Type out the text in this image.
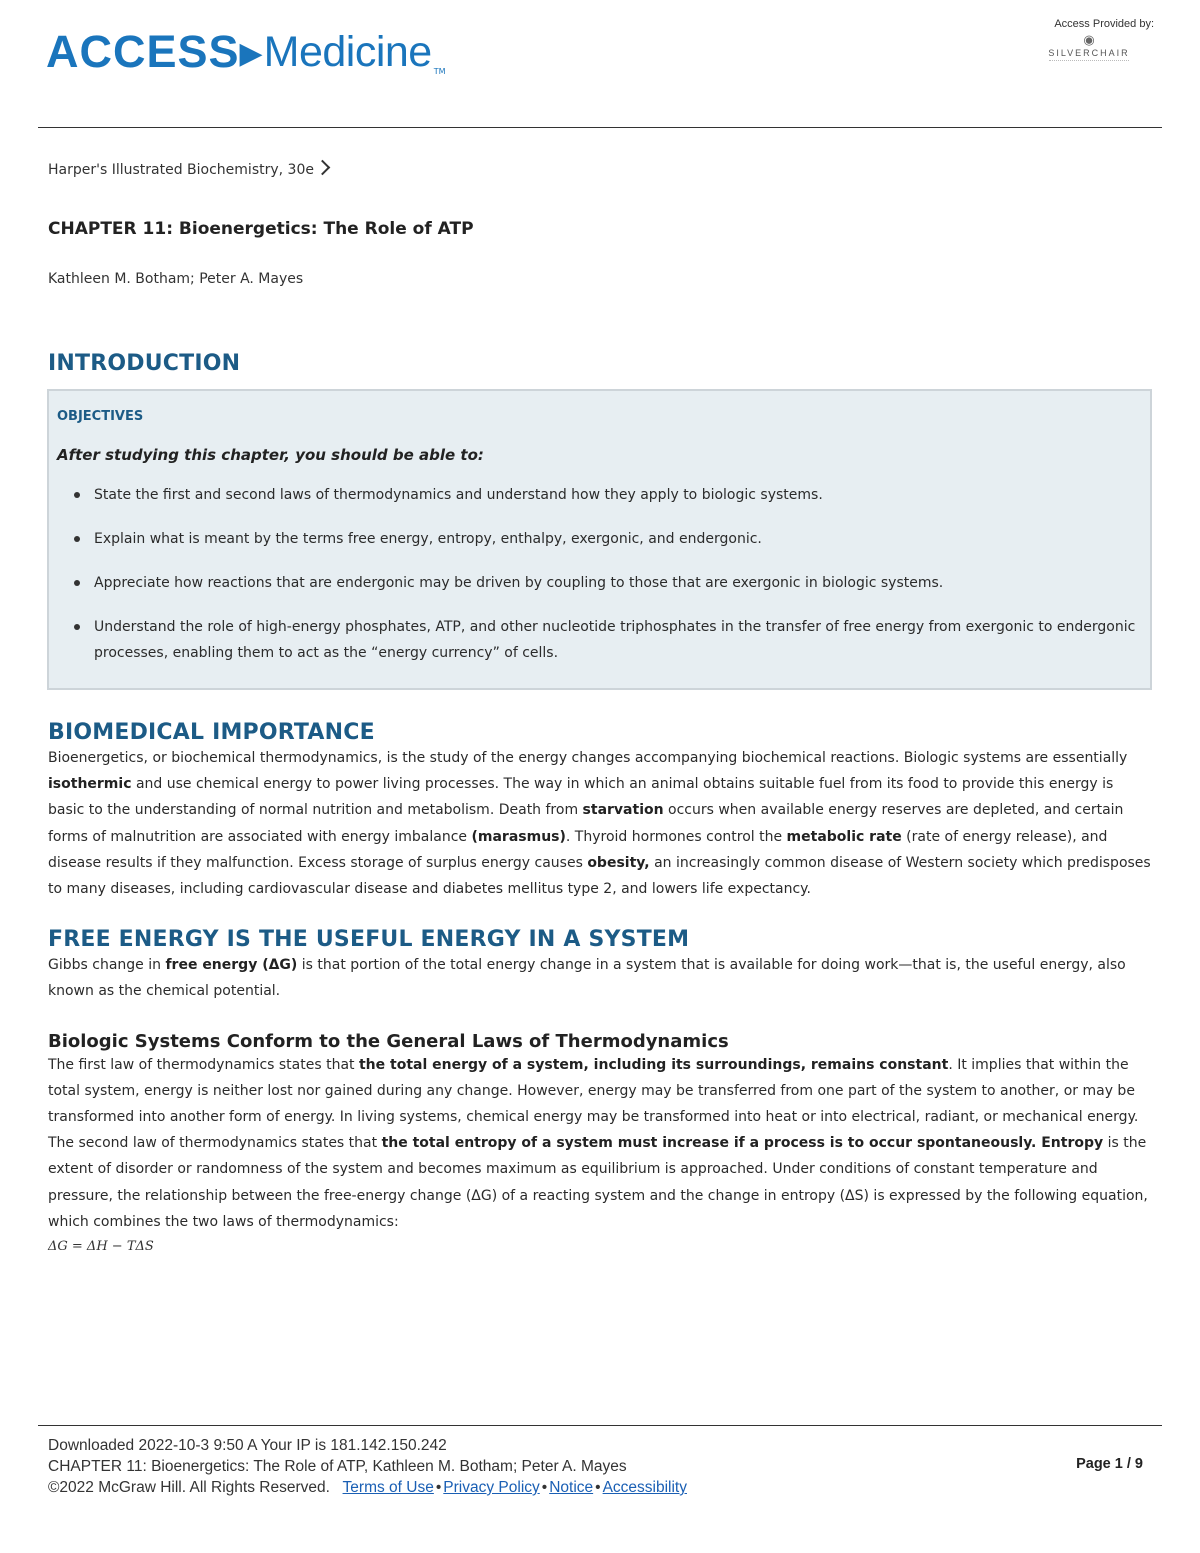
ACCESS ▶ Medicine TM
Access Provided by:
◉
SILVERCHAIR
Harper's Illustrated Biochemistry, 30e
CHAPTER 11: Bioenergetics: The Role of ATP
Kathleen M. Botham; Peter A. Mayes
INTRODUCTION
OBJECTIVES
After studying this chapter, you should be able to:
State the first and second laws of thermodynamics and understand how they apply to biologic systems.
Explain what is meant by the terms free energy, entropy, enthalpy, exergonic, and endergonic.
Appreciate how reactions that are endergonic may be driven by coupling to those that are exergonic in biologic systems.
Understand the role of high-energy phosphates, ATP, and other nucleotide triphosphates in the transfer of free energy from exergonic to endergonic processes, enabling them to act as the “energy currency” of cells.
BIOMEDICAL IMPORTANCE

Bioenergetics, or biochemical thermodynamics, is the study of the energy changes accompanying biochemical reactions. Biologic systems are essentially isothermic and use chemical energy to power living processes. The way in which an animal obtains suitable fuel from its food to provide this energy is basic to the understanding of normal nutrition and metabolism. Death from starvation occurs when available energy reserves are depleted, and certain forms of malnutrition are associated with energy imbalance (marasmus). Thyroid hormones control the metabolic rate (rate of energy release), and disease results if they malfunction. Excess storage of surplus energy causes obesity, an increasingly common disease of Western society which predisposes to many diseases, including cardiovascular disease and diabetes mellitus type 2, and lowers life expectancy.

FREE ENERGY IS THE USEFUL ENERGY IN A SYSTEM

Gibbs change in free energy (ΔG) is that portion of the total energy change in a system that is available for doing work—that is, the useful energy, also known as the chemical potential.

Biologic Systems Conform to the General Laws of Thermodynamics

The first law of thermodynamics states that the total energy of a system, including its surroundings, remains constant. It implies that within the total system, energy is neither lost nor gained during any change. However, energy may be transferred from one part of the system to another, or may be transformed into another form of energy. In living systems, chemical energy may be transformed into heat or into electrical, radiant, or mechanical energy.

The second law of thermodynamics states that the total entropy of a system must increase if a process is to occur spontaneously. Entropy is the extent of disorder or randomness of the system and becomes maximum as equilibrium is approached. Under conditions of constant temperature and pressure, the relationship between the free-energy change (ΔG) of a reacting system and the change in entropy (ΔS) is expressed by the following equation, which combines the two laws of thermodynamics:

ΔG = ΔH − TΔS
Downloaded 2022-10-3 9:50 A Your IP is 181.142.150.242
CHAPTER 11: Bioenergetics: The Role of ATP, Kathleen M. Botham; Peter A. Mayes
©2022 McGraw Hill. All Rights Reserved. Terms of Use • Privacy Policy • Notice • Accessibility
Page 1 / 9
